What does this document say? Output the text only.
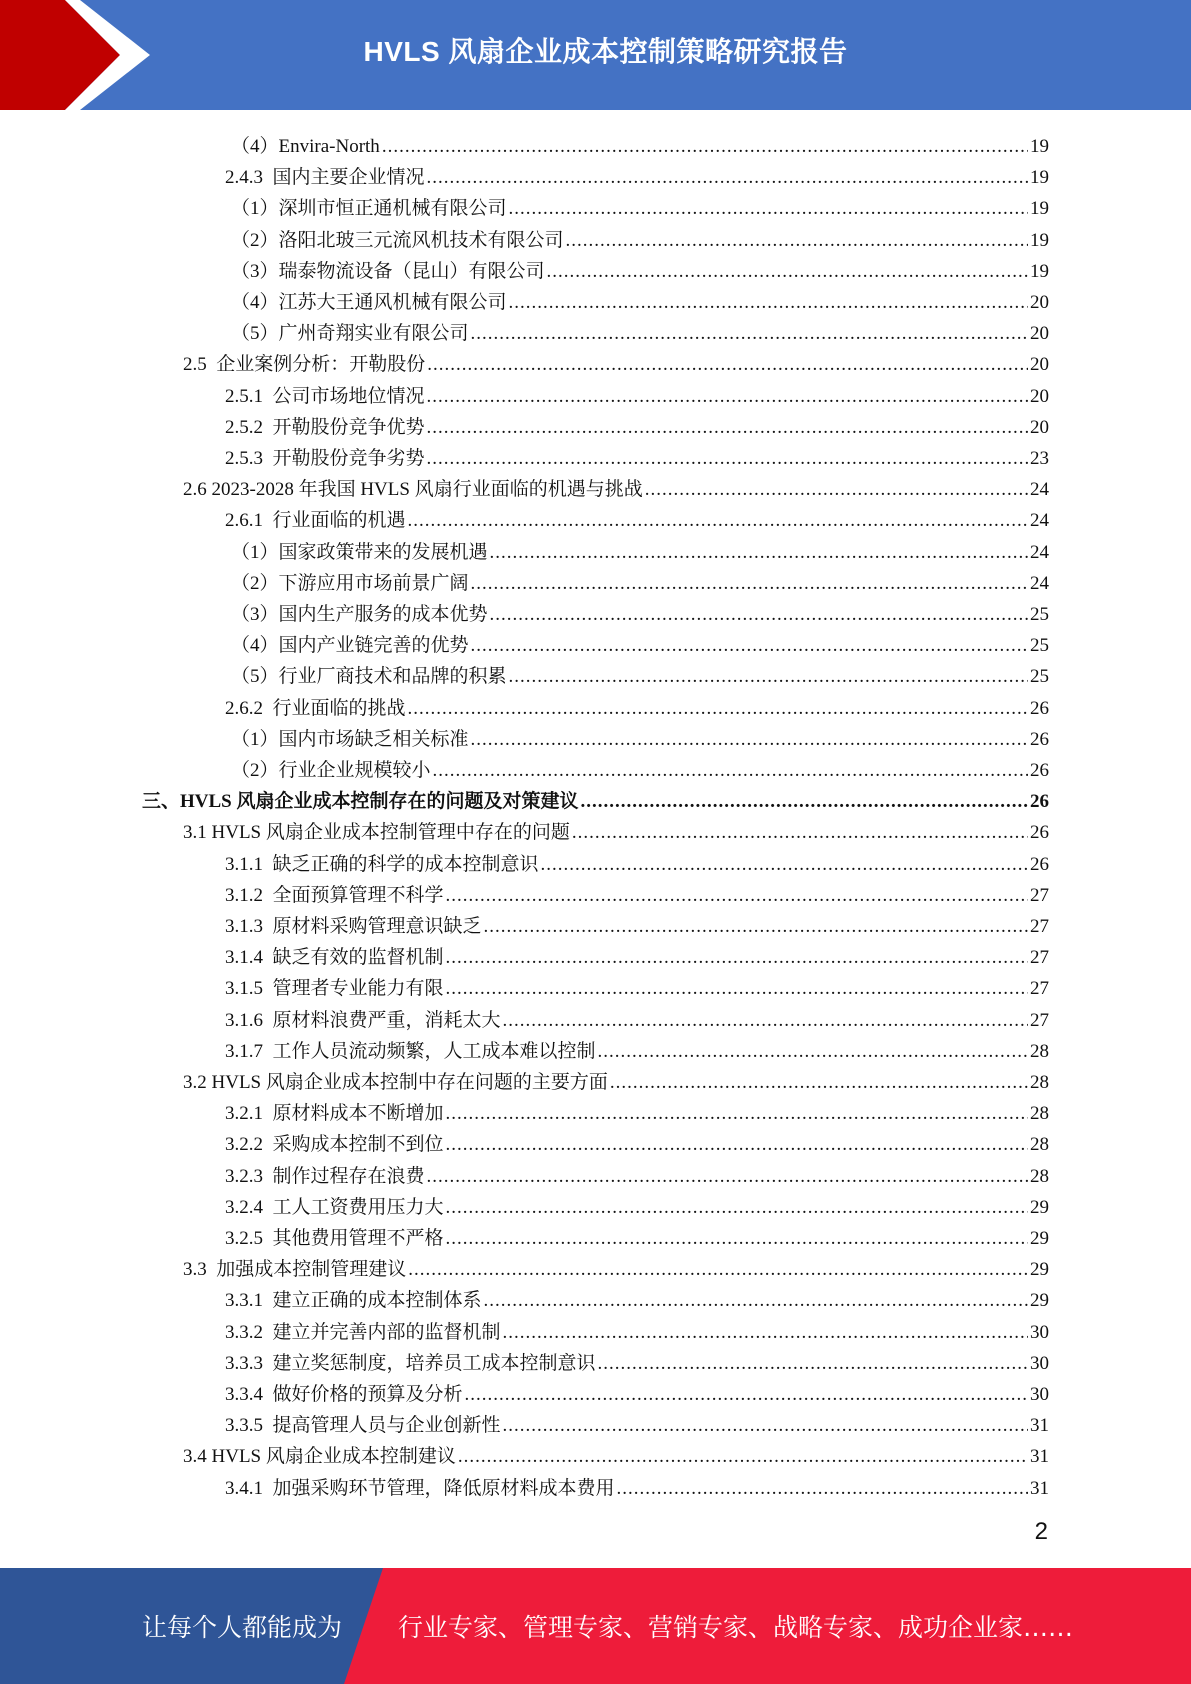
HVLS 风扇企业成本控制策略研究报告
（4）Envira-North .....	19
2.4.3  国内主要企业情况 .....	19
（1）深圳市恒正通机械有限公司 .....	19
（2）洛阳北玻三元流风机技术有限公司 .....	19
（3）瑞泰物流设备（昆山）有限公司 .....	19
（4）江苏大王通风机械有限公司 .....	20
（5）广州奇翔实业有限公司 .....	20
2.5  企业案例分析：开勒股份 .....	20
2.5.1  公司市场地位情况 .....	20
2.5.2  开勒股份竞争优势 .....	20
2.5.3  开勒股份竞争劣势 .....	23
2.6 2023-2028 年我国 HVLS 风扇行业面临的机遇与挑战 .....	24
2.6.1  行业面临的机遇 .....	24
（1）国家政策带来的发展机遇 .....	24
（2）下游应用市场前景广阔 .....	24
（3）国内生产服务的成本优势 .....	25
（4）国内产业链完善的优势 .....	25
（5）行业厂商技术和品牌的积累 .....	25
2.6.2  行业面临的挑战 .....	26
（1）国内市场缺乏相关标准 .....	26
（2）行业企业规模较小 .....	26
三、HVLS 风扇企业成本控制存在的问题及对策建议 .....	26
3.1 HVLS 风扇企业成本控制管理中存在的问题 .....	26
3.1.1  缺乏正确的科学的成本控制意识 .....	26
3.1.2  全面预算管理不科学 .....	27
3.1.3  原材料采购管理意识缺乏 .....	27
3.1.4  缺乏有效的监督机制 .....	27
3.1.5  管理者专业能力有限 .....	27
3.1.6  原材料浪费严重，消耗太大 .....	27
3.1.7  工作人员流动频繁，人工成本难以控制 .....	28
3.2 HVLS 风扇企业成本控制中存在问题的主要方面 .....	28
3.2.1  原材料成本不断增加 .....	28
3.2.2  采购成本控制不到位 .....	28
3.2.3  制作过程存在浪费 .....	28
3.2.4  工人工资费用压力大 .....	29
3.2.5  其他费用管理不严格 .....	29
3.3  加强成本控制管理建议 .....	29
3.3.1  建立正确的成本控制体系 .....	29
3.3.2  建立并完善内部的监督机制 .....	30
3.3.3  建立奖惩制度，培养员工成本控制意识 .....	30
3.3.4  做好价格的预算及分析 .....	30
3.3.5  提高管理人员与企业创新性 .....	31
3.4 HVLS 风扇企业成本控制建议 .....	31
3.4.1  加强采购环节管理，降低原材料成本费用 .....	31
2
让每个人都能成为 行业专家、管理专家、营销专家、战略专家、成功企业家……
